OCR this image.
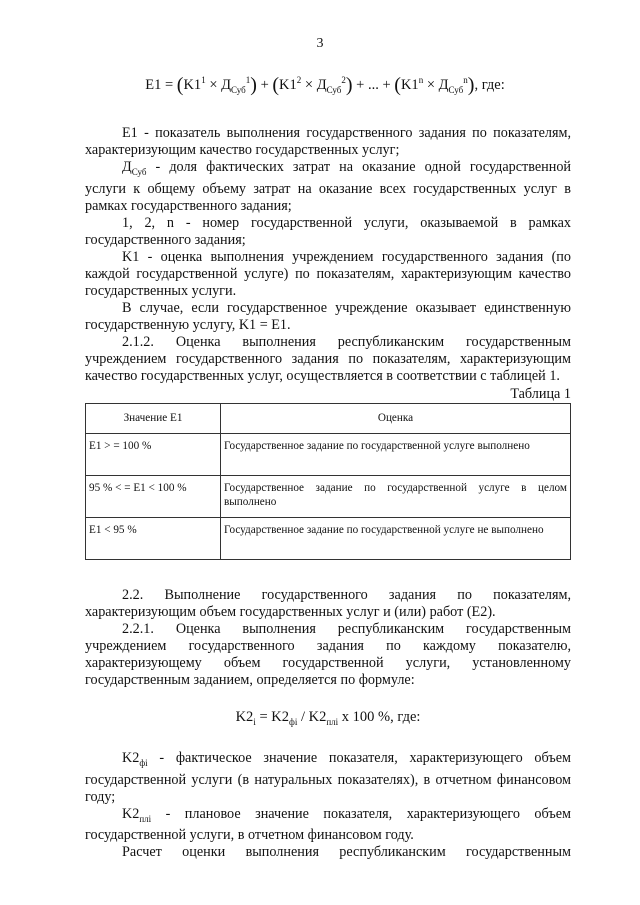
3
$E1 = (K1^1 \times Д_{Суб}^1) + (K1^2 \times Д_{Суб}^2)$ + ... + $(K1^n \times Д_{Суб}^n)$, где:

E1 - показатель выполнения государственного задания по показателям, характеризующим качество государственных услуг;

$Д_{Суб}$ - доля фактических затрат на оказание одной государственной услуги к общему объему затрат на оказание всех государственных услуг в рамках государственного задания;

1, 2, n - номер государственной услуги, оказываемой в рамках государственного задания;

K1 - оценка выполнения учреждением государственного задания (по каждой государственной услуге) по показателям, характеризующим качество государственных услуги.

В случае, если государственное учреждение оказывает единственную государственную услугу, K1 = E1.

2.1.2. Оценка выполнения республиканским государственным учреждением государственного задания по показателям, характеризующим качество государственных услуг, осуществляется в соответствии с таблицей 1.

Таблица 1
Значение E1	Оценка
E1 > = 100 %	Государственное задание по государственной услуге выполнено
95 % < = E1 < 100 %	Государственное задание по государственной услуге в целом выполнено
E1 < 95 %	Государственное задание по государственной услуге не выполнено

2.2. Выполнение государственного задания по показателям, характеризующим объем государственных услуг и (или) работ (E2).

2.2.1. Оценка выполнения республиканским государственным учреждением государственного задания по каждому показателю, характеризующему объем государственной услуги, установленному государственным заданием, определяется по формуле:

$K2_i = K2_{фi} / K2_{плi}$ x 100 %, где:

$K2_{фi}$ - фактическое значение показателя, характеризующего объем государственной услуги (в натуральных показателях), в отчетном финансовом году;

$K2_{плi}$ - плановое значение показателя, характеризующего объем государственной услуги, в отчетном финансовом году.

Расчет оценки выполнения республиканским государственным
